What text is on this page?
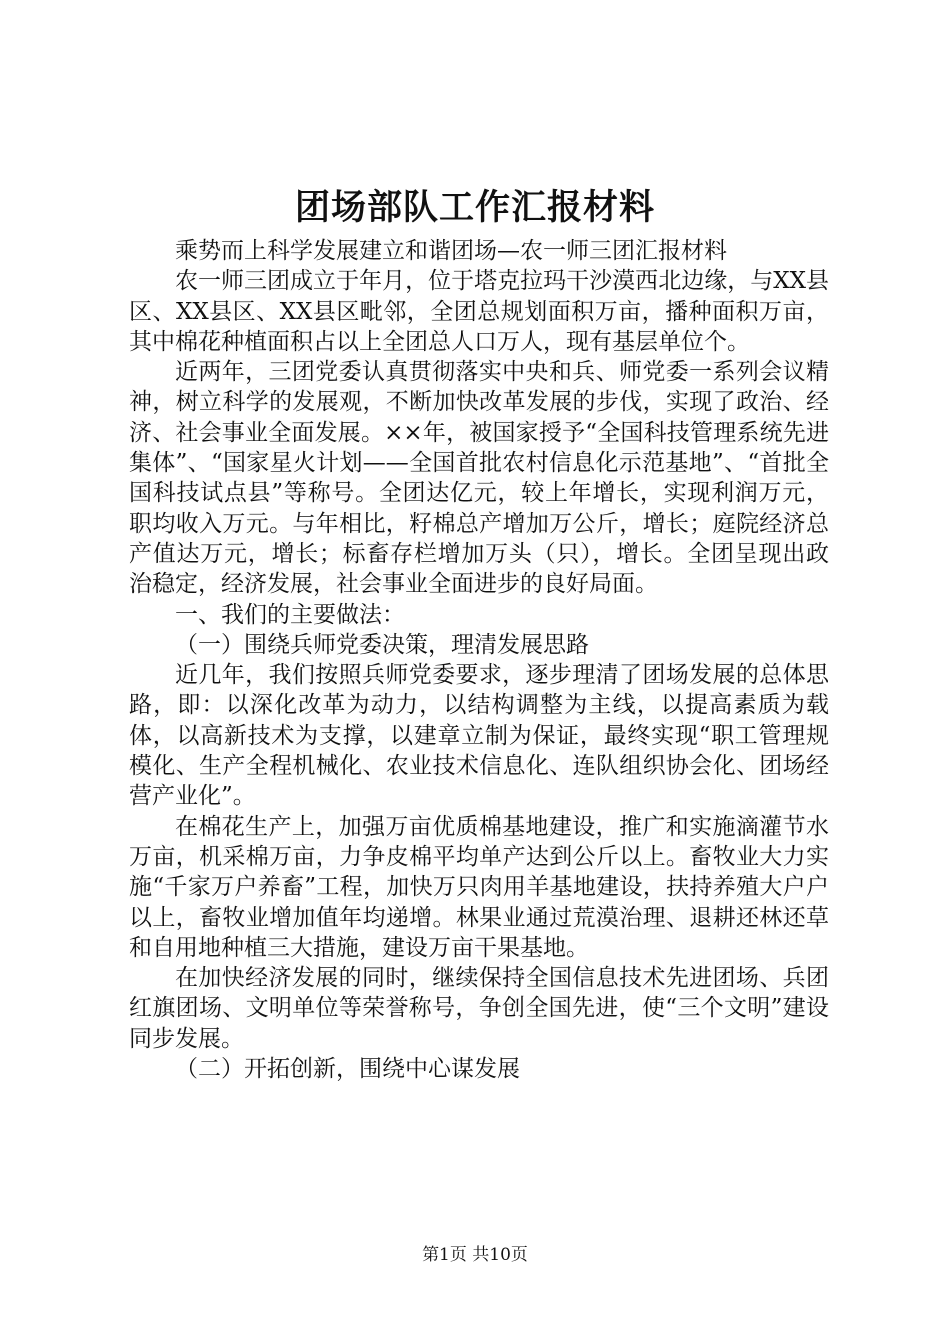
团场部队工作汇报材料

乘势而上科学发展建立和谐团场—农一师三团汇报材料

农一师三团成立于年月，位于塔克拉玛干沙漠西北边缘，与XX县区、XX县区、XX县区毗邻，全团总规划面积万亩，播种面积万亩，其中棉花种植面积占以上全团总人口万人，现有基层单位个。

近两年，三团党委认真贯彻落实中央和兵、师党委一系列会议精神，树立科学的发展观，不断加快改革发展的步伐，实现了政治、经济、社会事业全面发展。××年，被国家授予“全国科技管理系统先进集体”、“国家星火计划——全国首批农村信息化示范基地”、“首批全国科技试点县”等称号。全团达亿元，较上年增长，实现利润万元，职均收入万元。与年相比，籽棉总产增加万公斤，增长；庭院经济总产值达万元，增长；标畜存栏增加万头（只），增长。全团呈现出政治稳定，经济发展，社会事业全面进步的良好局面。

一、我们的主要做法：

（一）围绕兵师党委决策，理清发展思路

近几年，我们按照兵师党委要求，逐步理清了团场发展的总体思路，即：以深化改革为动力，以结构调整为主线，以提高素质为载体，以高新技术为支撑，以建章立制为保证，最终实现“职工管理规模化、生产全程机械化、农业技术信息化、连队组织协会化、团场经营产业化”。

在棉花生产上，加强万亩优质棉基地建设，推广和实施滴灌节水万亩，机采棉万亩，力争皮棉平均单产达到公斤以上。畜牧业大力实施“千家万户养畜”工程，加快万只肉用羊基地建设，扶持养殖大户户以上，畜牧业增加值年均递增。林果业通过荒漠治理、退耕还林还草和自用地种植三大措施，建设万亩干果基地。

在加快经济发展的同时，继续保持全国信息技术先进团场、兵团红旗团场、文明单位等荣誉称号，争创全国先进，使“三个文明”建设同步发展。

（二）开拓创新，围绕中心谋发展

第1页 共10页
